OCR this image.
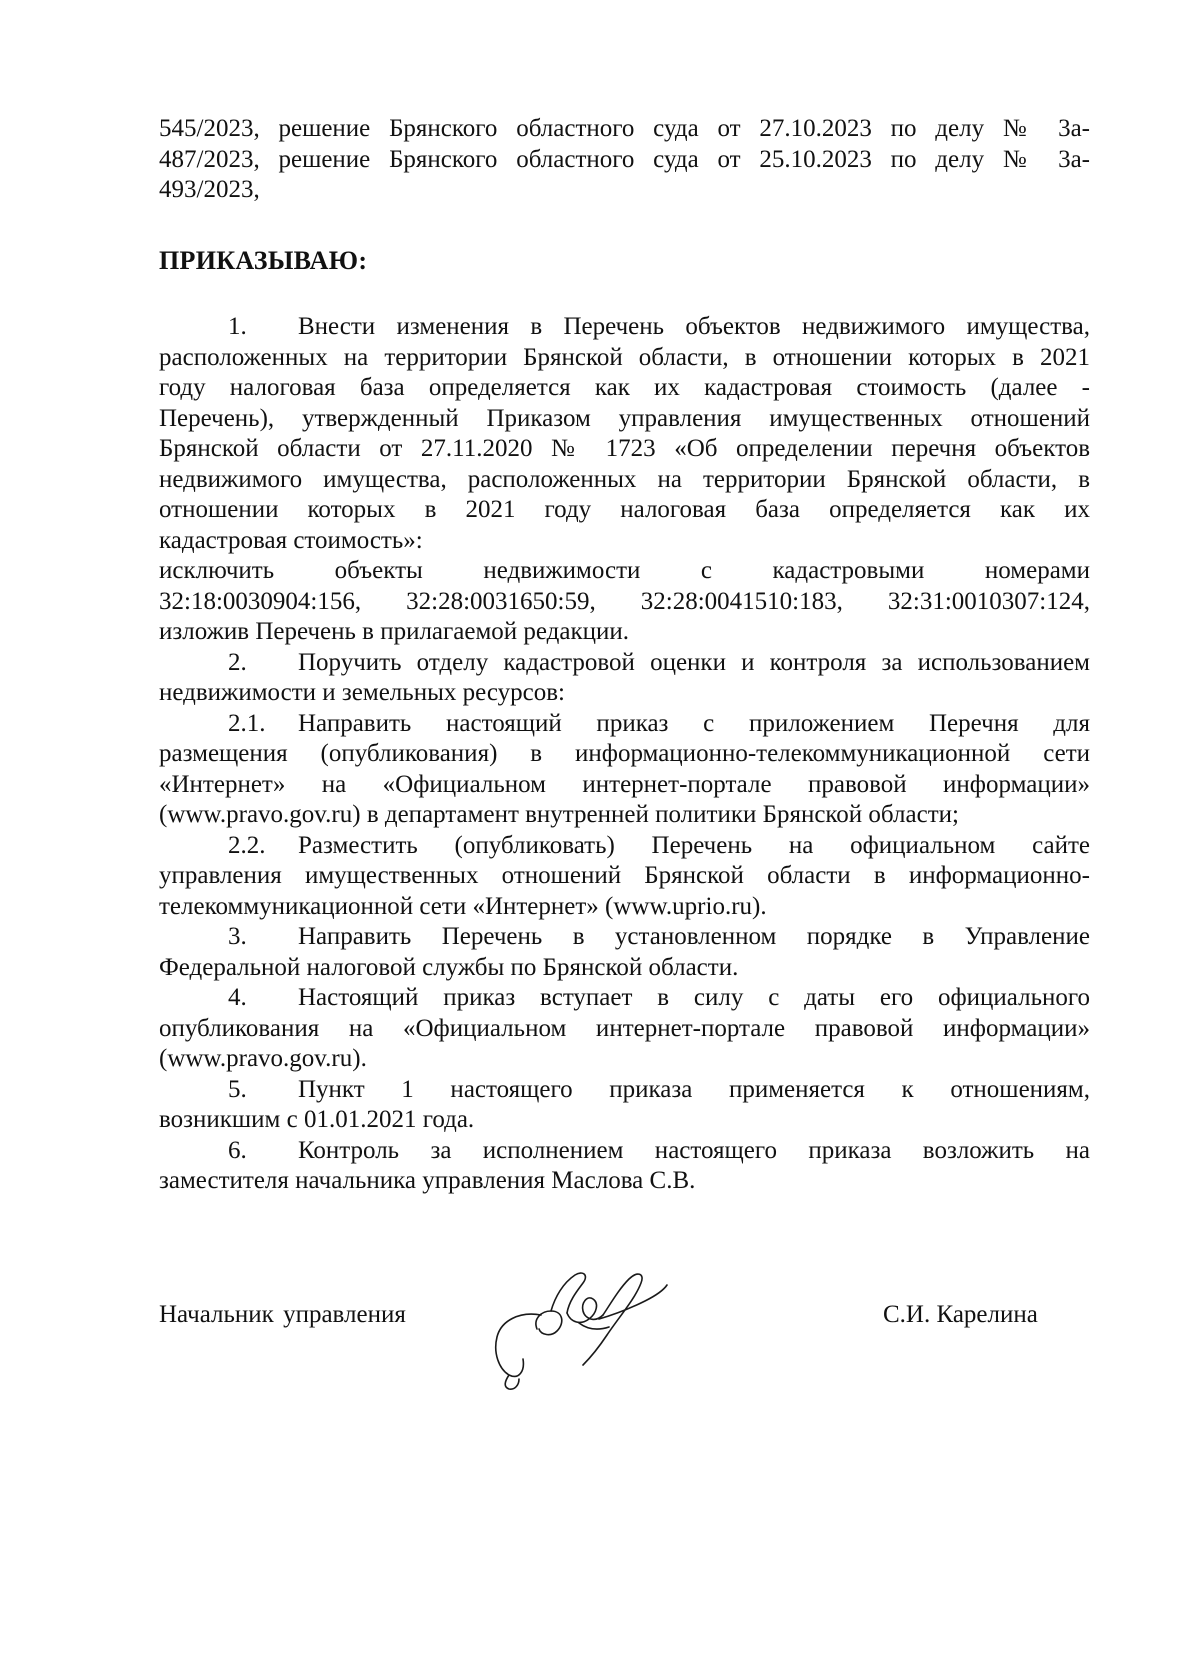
545/2023, решение Брянского областного суда от 27.10.2023 по делу № 3а-
487/2023, решение Брянского областного суда от 25.10.2023 по делу № 3а-
493/2023,

ПРИКАЗЫВАЮ:
1. Внести изменения в Перечень объектов недвижимого имущества,
расположенных на территории Брянской области, в отношении которых в 2021
году налоговая база определяется как их кадастровая стоимость (далее -
Перечень), утвержденный Приказом управления имущественных отношений
Брянской области от 27.11.2020 № 1723 «Об определении перечня объектов
недвижимого имущества, расположенных на территории Брянской области, в
отношении которых в 2021 году налоговая база определяется как их
кадастровая стоимость»:
исключить объекты недвижимости с кадастровыми номерами
32:18:0030904:156, 32:28:0031650:59, 32:28:0041510:183, 32:31:0010307:124,
изложив Перечень в прилагаемой редакции.
2. Поручить отделу кадастровой оценки и контроля за использованием
недвижимости и земельных ресурсов:
2.1. Направить настоящий приказ с приложением Перечня для
размещения (опубликования) в информационно-телекоммуникационной сети
«Интернет» на «Официальном интернет-портале правовой информации»
(www.pravo.gov.ru) в департамент внутренней политики Брянской области;
2.2. Разместить (опубликовать) Перечень на официальном сайте
управления имущественных отношений Брянской области в информационно-
телекоммуникационной сети «Интернет» (www.uprio.ru).
3. Направить Перечень в установленном порядке в Управление
Федеральной налоговой службы по Брянской области.
4. Настоящий приказ вступает в силу с даты его официального
опубликования на «Официальном интернет-портале правовой информации»
(www.pravo.gov.ru).
5. Пункт 1 настоящего приказа применяется к отношениям,
возникшим с 01.01.2021 года.
6. Контроль за исполнением настоящего приказа возложить на
заместителя начальника управления Маслова С.В.
Начальник управления	С.И. Карелина
